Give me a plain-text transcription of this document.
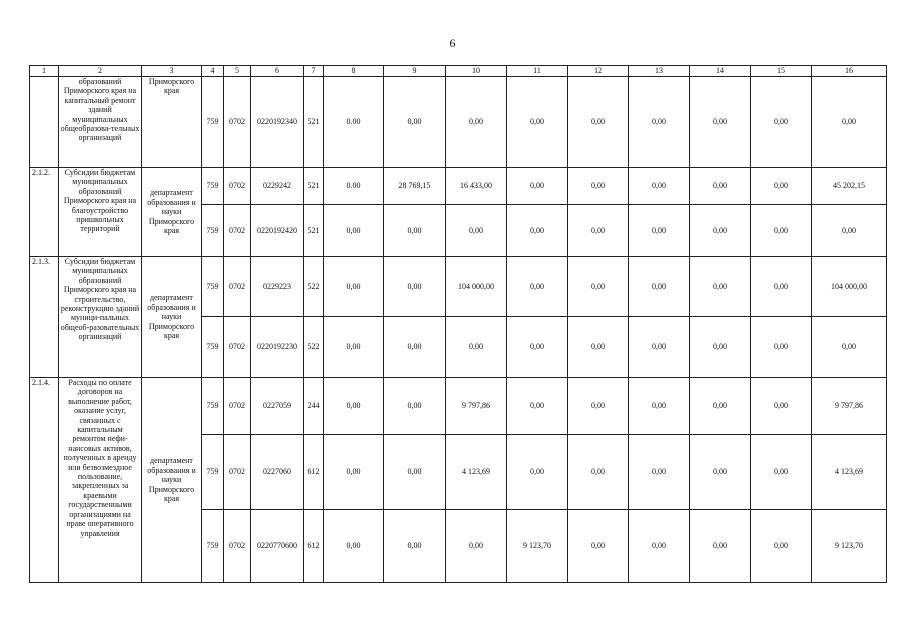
6
1	2	3	4	5	6	7	8	9	10	11	12	13	14	15	16
	образований Приморского края на капитальный ремонт зданий муниципальных общеобразова-тельных организаций	Приморского края	759	0702	0220192340	521	0.00	0,00	0,00	0,00	0,00	0,00	0,00	0,00	0,00
2.1.2.	Субсидии бюджетам муниципальных образований Приморского края на благоустройство пришкольных территорий	департамент образования и науки Приморского края	759	0702	0229242	521	0.00	28 769,15	16 433,00	0,00	0,00	0,00	0,00	0,00	45 202,15
			759	0702	0220192420	521	0,00	0,00	0,00	0,00	0,00	0,00	0,00	0,00	0,00
2.1.3.	Субсидии бюджетам муниципальных образований Приморского края на строительство, реконструкцию зданий муници-пальных общеоб-разовательных организаций	департамент образования и науки Приморского края	759	0702	0229223	522	0,00	0,00	104 000,00	0,00	0,00	0,00	0,00	0,00	104 000,00
			759	0702	0220192230	522	0,00	0,00	0,00	0,00	0,00	0,00	0,00	0,00	0,00
2.1.4.	Расходы по оплате договоров на выполнение работ, оказание услуг, связанных с капитальным ремонтом нефи-нансовых активов, полученных в аренду или безвозмездное пользование, закрепленных за краевыми государственными организациями на праве оперативного управления	департамент образования и науки Приморского края	759	0702	0227059	244	0,00	0,00	9 797,86	0,00	0,00	0,00	0,00	0,00	9 797,86
			759	0702	0227060	612	0,00	0,00	4 123,69	0,00	0,00	0,00	0,00	0,00	4 123,69
			759	0702	0220770600	612	0,00	0,00	0,00	9 123,70	0,00	0,00	0,00	0,00	9 123,70
